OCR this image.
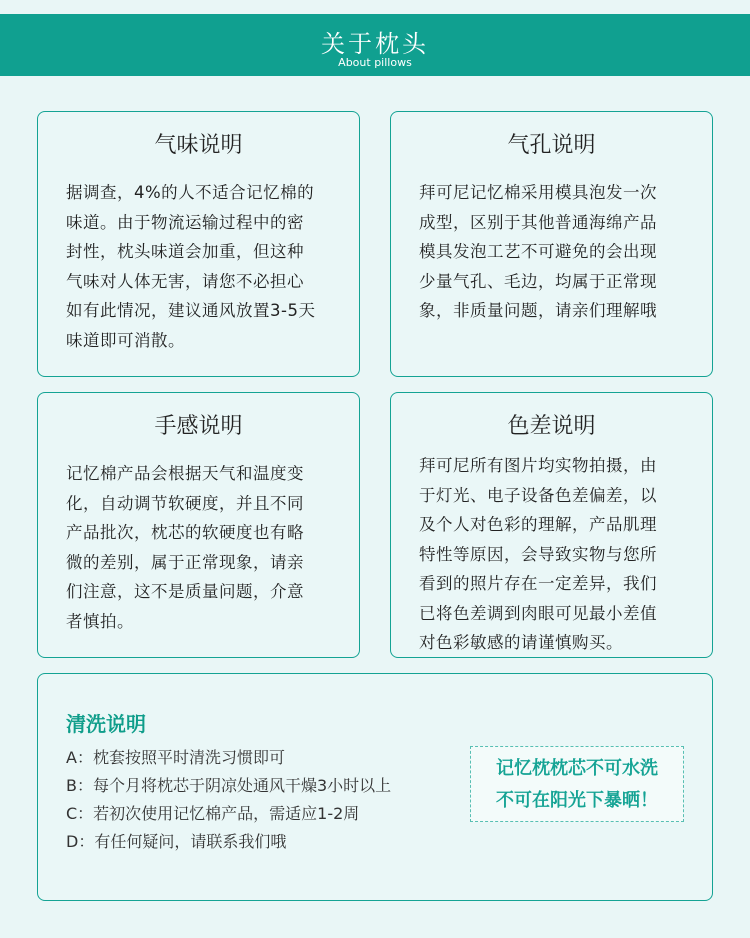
关于枕头
About pillows
气味说明
据调查，4%的人不适合记忆棉的
味道。由于物流运输过程中的密
封性，枕头味道会加重，但这种
气味对人体无害，请您不必担心
如有此情况，建议通风放置3-5天
味道即可消散。
气孔说明
拜可尼记忆棉采用模具泡发一次
成型，区别于其他普通海绵产品
模具发泡工艺不可避免的会出现
少量气孔、毛边，均属于正常现
象，非质量问题，请亲们理解哦
手感说明
记忆棉产品会根据天气和温度变
化，自动调节软硬度，并且不同
产品批次，枕芯的软硬度也有略
微的差别，属于正常现象，请亲
们注意，这不是质量问题，介意
者慎拍。
色差说明
拜可尼所有图片均实物拍摄，由
于灯光、电子设备色差偏差，以
及个人对色彩的理解，产品肌理
特性等原因，会导致实物与您所
看到的照片存在一定差异，我们
已将色差调到肉眼可见最小差值
对色彩敏感的请谨慎购买。
清洗说明
A：枕套按照平时清洗习惯即可
B：每个月将枕芯于阴凉处通风干燥3小时以上
C：若初次使用记忆棉产品，需适应1-2周
D：有任何疑问，请联系我们哦
记忆枕枕芯不可水洗
不可在阳光下暴晒！
